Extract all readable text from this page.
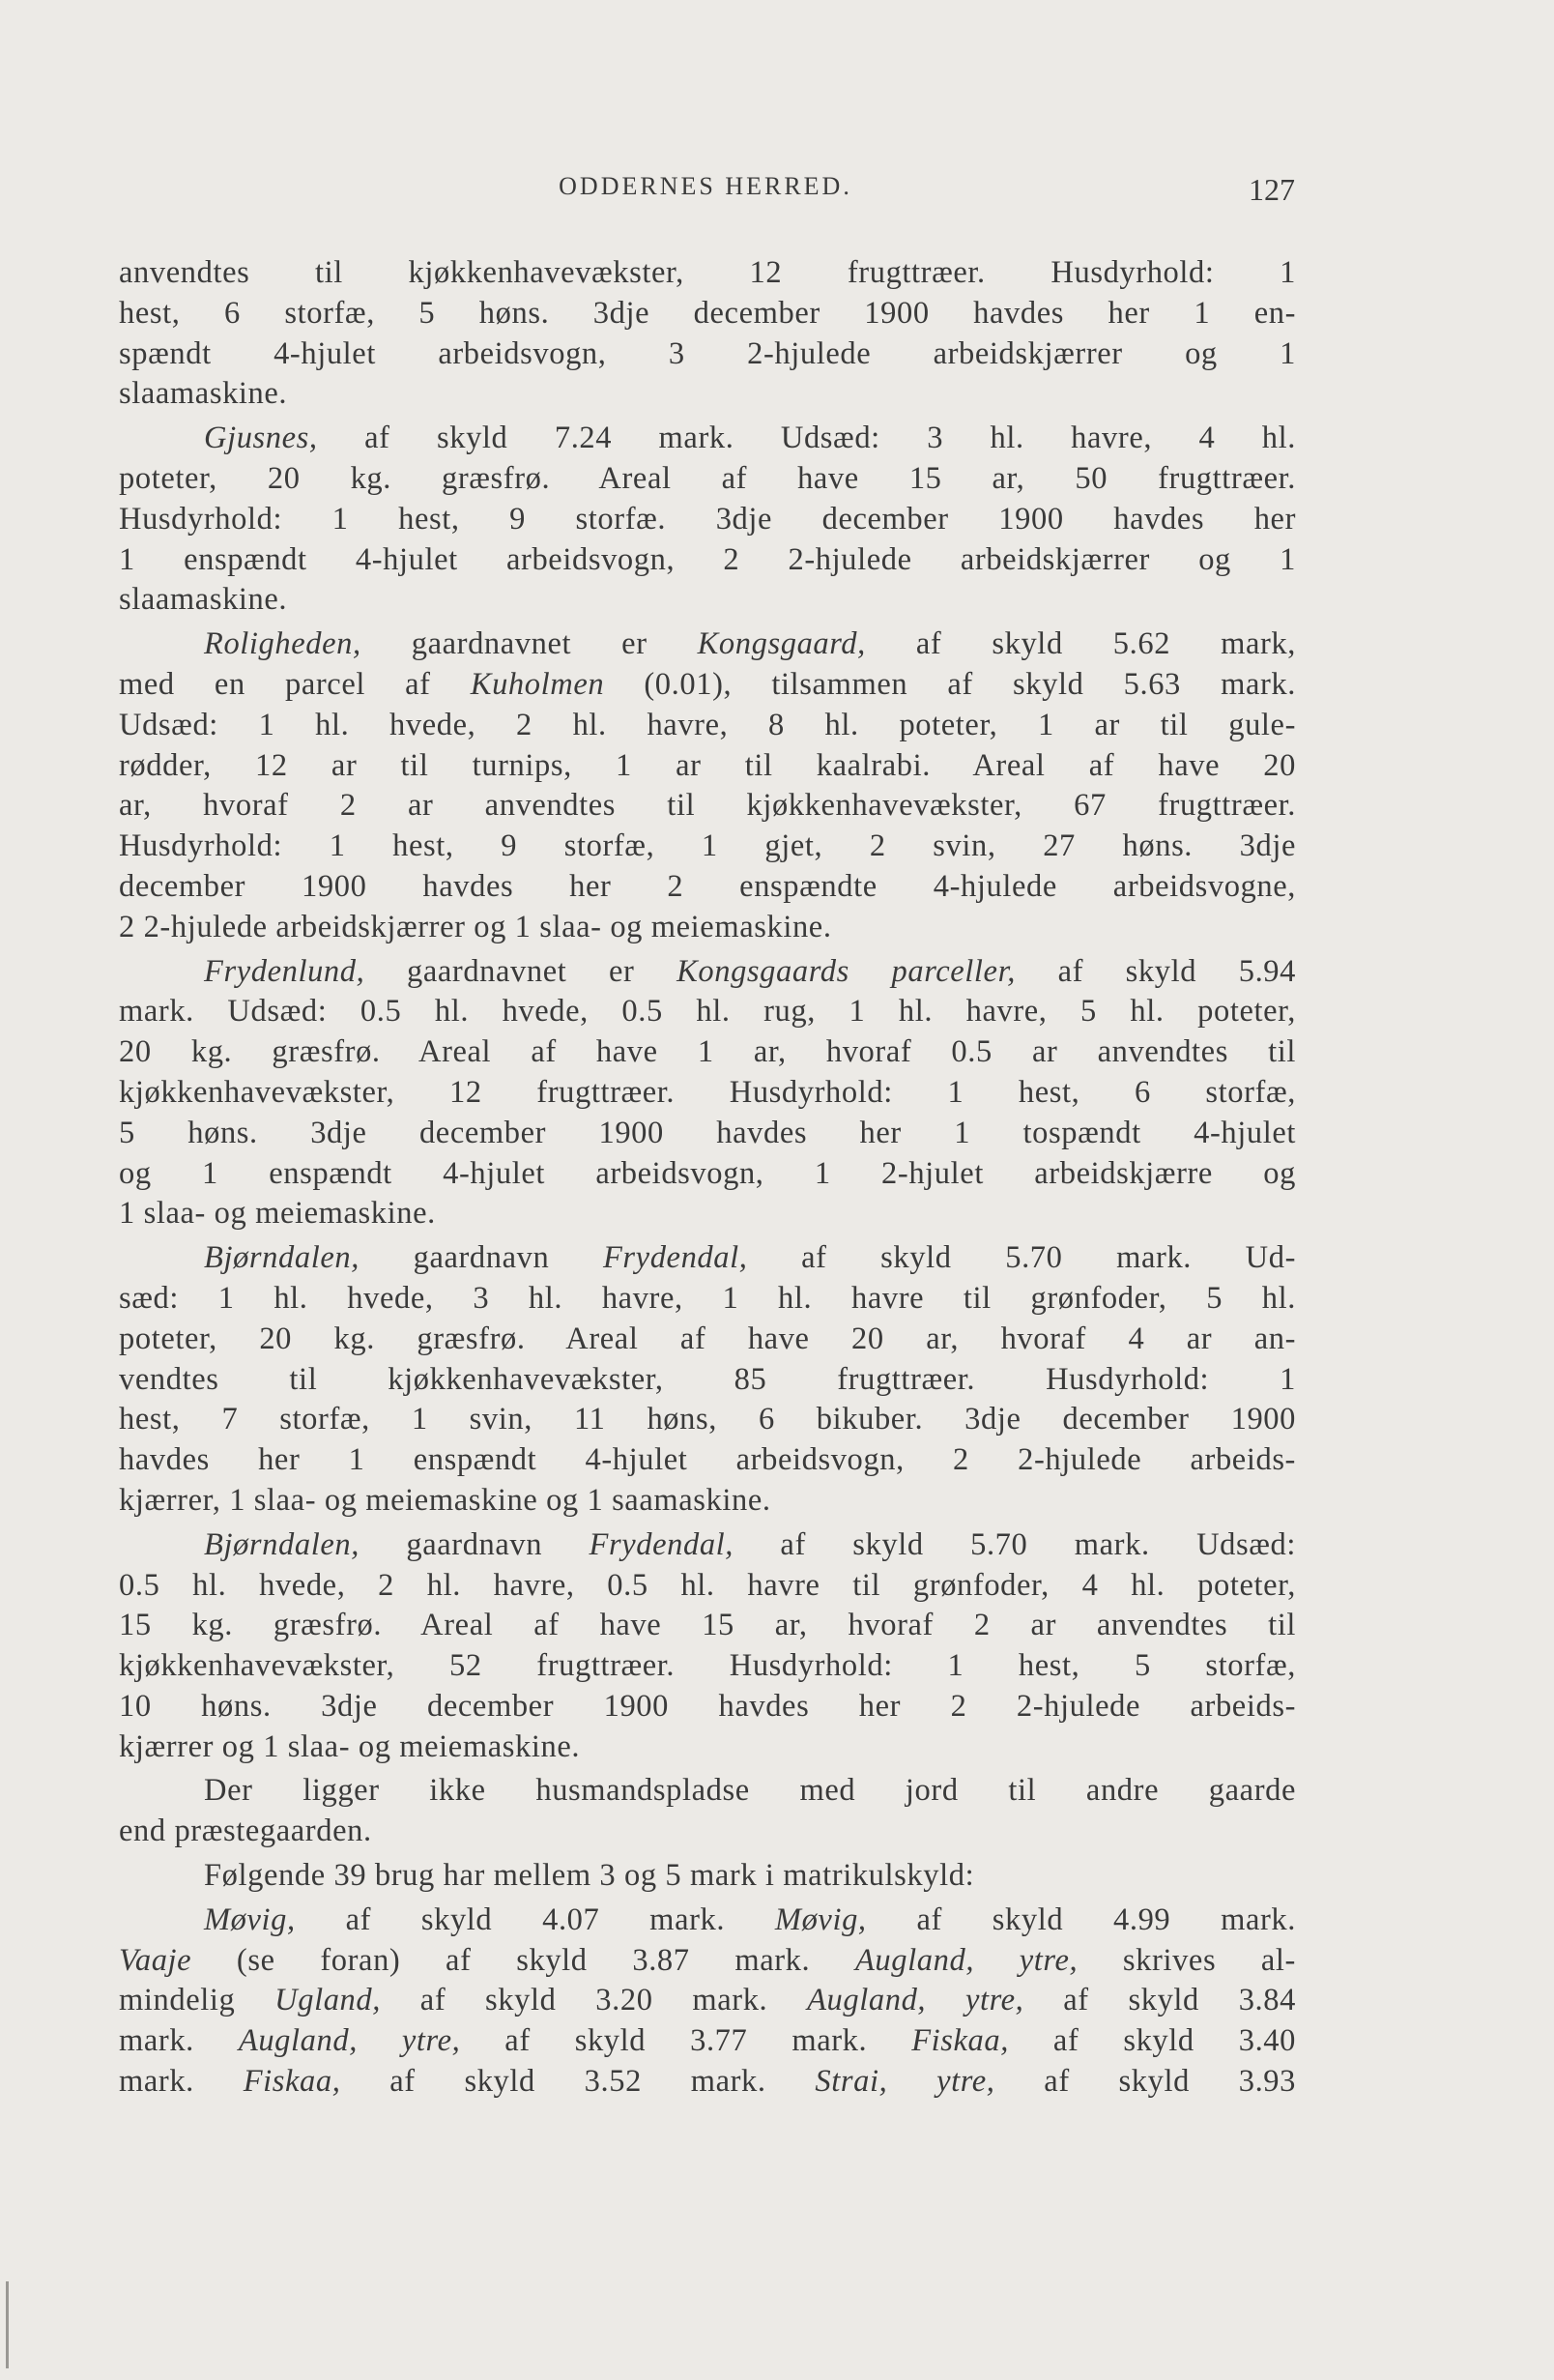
ODDERNES HERRED.	127
anvendtes til kjøkkenhavevækster, 12 frugttræer. Husdyrhold: 1
hest, 6 storfæ, 5 høns. 3dje december 1900 havdes her 1 en-
spændt 4-hjulet arbeidsvogn, 3 2-hjulede arbeidskjærrer og 1
slaamaskine.
Gjusnes, af skyld 7.24 mark. Udsæd: 3 hl. havre, 4 hl.
poteter, 20 kg. græsfrø. Areal af have 15 ar, 50 frugttræer.
Husdyrhold: 1 hest, 9 storfæ. 3dje december 1900 havdes her
1 enspændt 4-hjulet arbeidsvogn, 2 2-hjulede arbeidskjærrer og 1
slaamaskine.
Roligheden, gaardnavnet er Kongsgaard, af skyld 5.62 mark,
med en parcel af Kuholmen (0.01), tilsammen af skyld 5.63 mark.
Udsæd: 1 hl. hvede, 2 hl. havre, 8 hl. poteter, 1 ar til gule-
rødder, 12 ar til turnips, 1 ar til kaalrabi. Areal af have 20
ar, hvoraf 2 ar anvendtes til kjøkkenhavevækster, 67 frugttræer.
Husdyrhold: 1 hest, 9 storfæ, 1 gjet, 2 svin, 27 høns. 3dje
december 1900 havdes her 2 enspændte 4-hjulede arbeidsvogne,
2 2-hjulede arbeidskjærrer og 1 slaa- og meiemaskine.
Frydenlund, gaardnavnet er Kongsgaards parceller, af skyld 5.94
mark. Udsæd: 0.5 hl. hvede, 0.5 hl. rug, 1 hl. havre, 5 hl. poteter,
20 kg. græsfrø. Areal af have 1 ar, hvoraf 0.5 ar anvendtes til
kjøkkenhavevækster, 12 frugttræer. Husdyrhold: 1 hest, 6 storfæ,
5 høns. 3dje december 1900 havdes her 1 tospændt 4-hjulet
og 1 enspændt 4-hjulet arbeidsvogn, 1 2-hjulet arbeidskjærre og
1 slaa- og meiemaskine.
Bjørndalen, gaardnavn Frydendal, af skyld 5.70 mark. Ud-
sæd: 1 hl. hvede, 3 hl. havre, 1 hl. havre til grønfoder, 5 hl.
poteter, 20 kg. græsfrø. Areal af have 20 ar, hvoraf 4 ar an-
vendtes til kjøkkenhavevækster, 85 frugttræer. Husdyrhold: 1
hest, 7 storfæ, 1 svin, 11 høns, 6 bikuber. 3dje december 1900
havdes her 1 enspændt 4-hjulet arbeidsvogn, 2 2-hjulede arbeids-
kjærrer, 1 slaa- og meiemaskine og 1 saamaskine.
Bjørndalen, gaardnavn Frydendal, af skyld 5.70 mark. Udsæd:
0.5 hl. hvede, 2 hl. havre, 0.5 hl. havre til grønfoder, 4 hl. poteter,
15 kg. græsfrø. Areal af have 15 ar, hvoraf 2 ar anvendtes til
kjøkkenhavevækster, 52 frugttræer. Husdyrhold: 1 hest, 5 storfæ,
10 høns. 3dje december 1900 havdes her 2 2-hjulede arbeids-
kjærrer og 1 slaa- og meiemaskine.
Der ligger ikke husmandspladse med jord til andre gaarde
end præstegaarden.
Følgende 39 brug har mellem 3 og 5 mark i matrikulskyld:
Møvig, af skyld 4.07 mark. Møvig, af skyld 4.99 mark.
Vaaje (se foran) af skyld 3.87 mark. Augland, ytre, skrives al-
mindelig Ugland, af skyld 3.20 mark. Augland, ytre, af skyld 3.84
mark. Augland, ytre, af skyld 3.77 mark. Fiskaa, af skyld 3.40
mark. Fiskaa, af skyld 3.52 mark. Strai, ytre, af skyld 3.93
